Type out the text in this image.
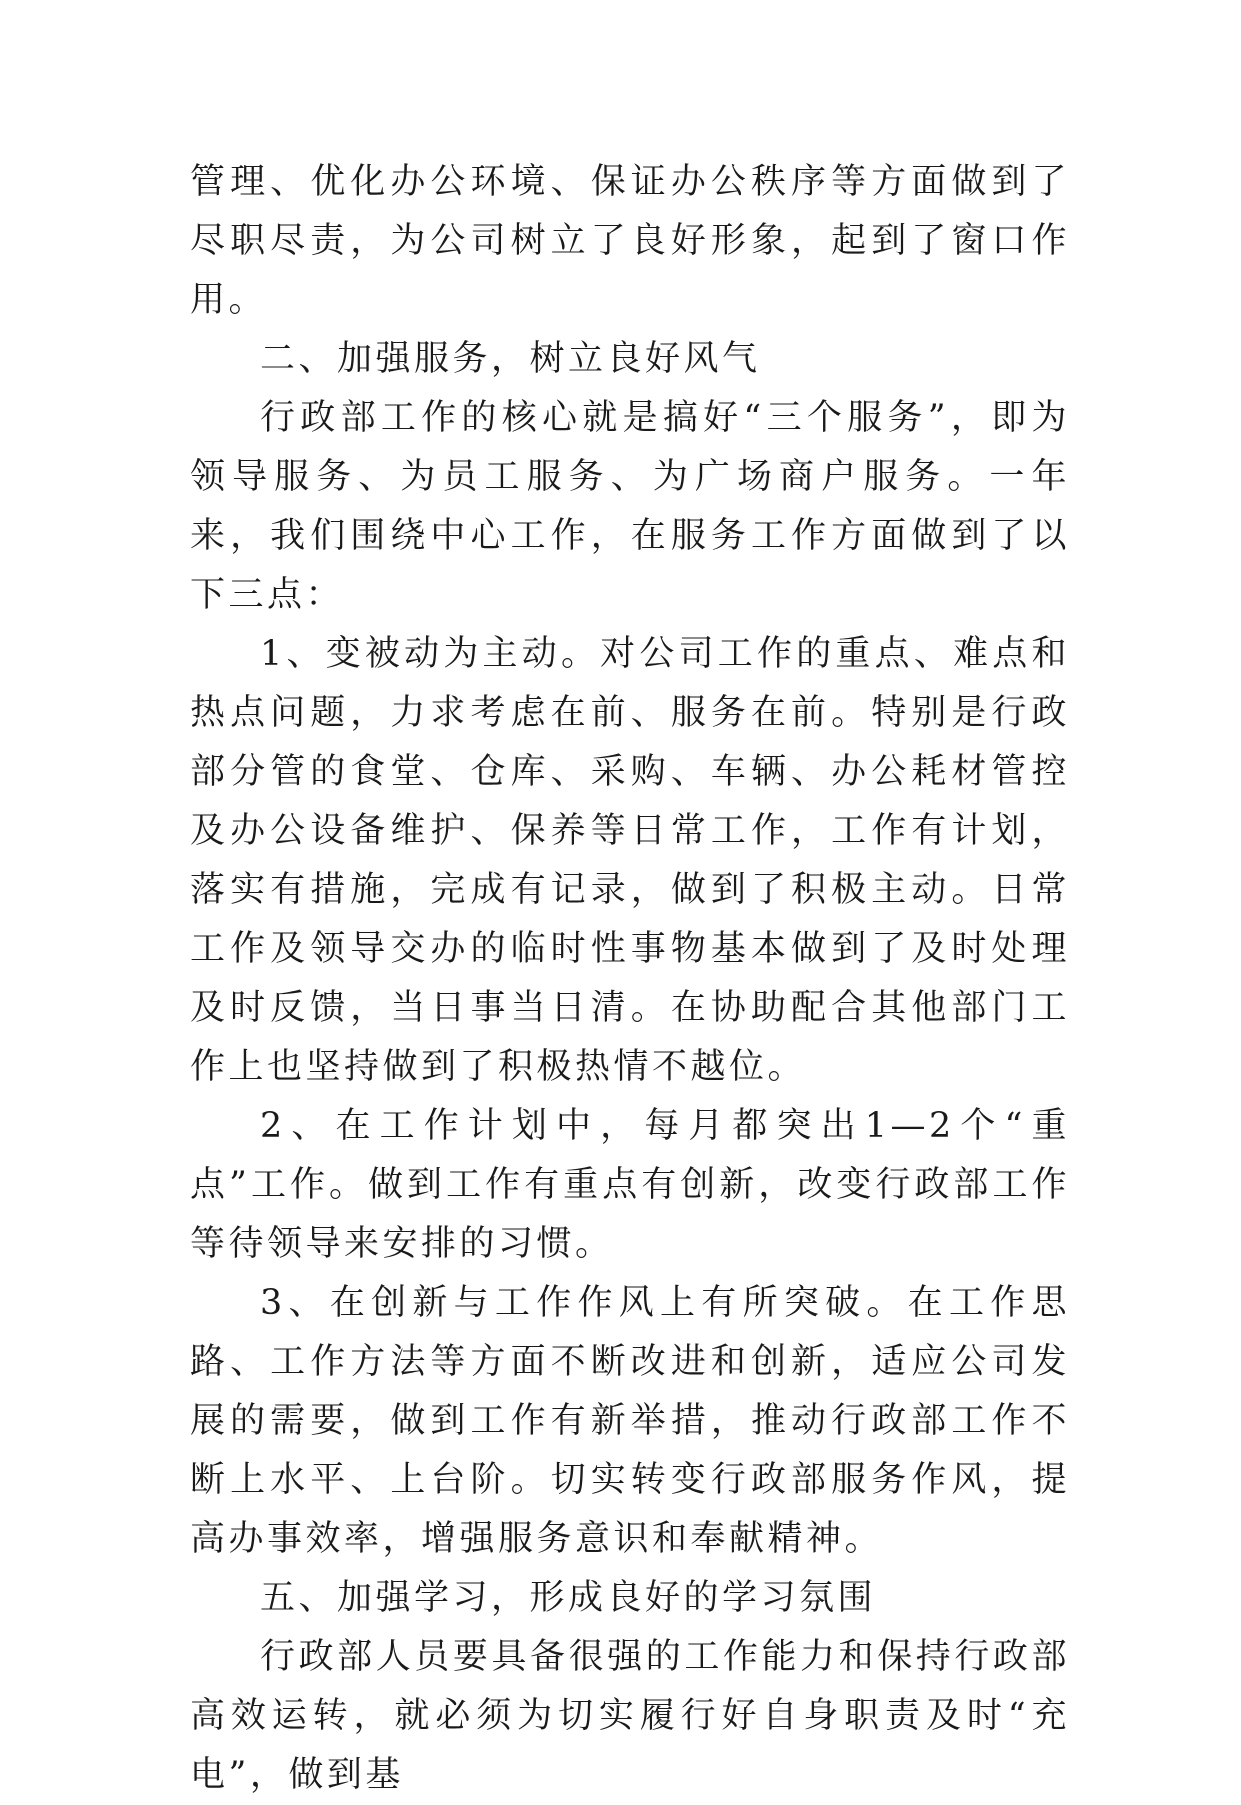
管理、优化办公环境、保证办公秩序等方面做到了尽职尽责，为公司树立了良好形象，起到了窗口作用。

二、加强服务，树立良好风气

行政部工作的核心就是搞好“三个服务”，即为领导服务、为员工服务、为广场商户服务。一年来，我们围绕中心工作，在服务工作方面做到了以下三点：

1、变被动为主动。对公司工作的重点、难点和热点问题，力求考虑在前、服务在前。特别是行政部分管的食堂、仓库、采购、车辆、办公耗材管控及办公设备维护、保养等日常工作，工作有计划，落实有措施，完成有记录，做到了积极主动。日常工作及领导交办的临时性事物基本做到了及时处理及时反馈，当日事当日清。在协助配合其他部门工作上也坚持做到了积极热情不越位。

2、在工作计划中，每月都突出1—2个“重点”工作。做到工作有重点有创新，改变行政部工作等待领导来安排的习惯。

3、在创新与工作作风上有所突破。在工作思路、工作方法等方面不断改进和创新，适应公司发展的需要，做到工作有新举措，推动行政部工作不断上水平、上台阶。切实转变行政部服务作风，提高办事效率，增强服务意识和奉献精神。

五、加强学习，形成良好的学习氛围

行政部人员要具备很强的工作能力和保持行政部高效运转，就必须为切实履行好自身职责及时“充电”，做到基
